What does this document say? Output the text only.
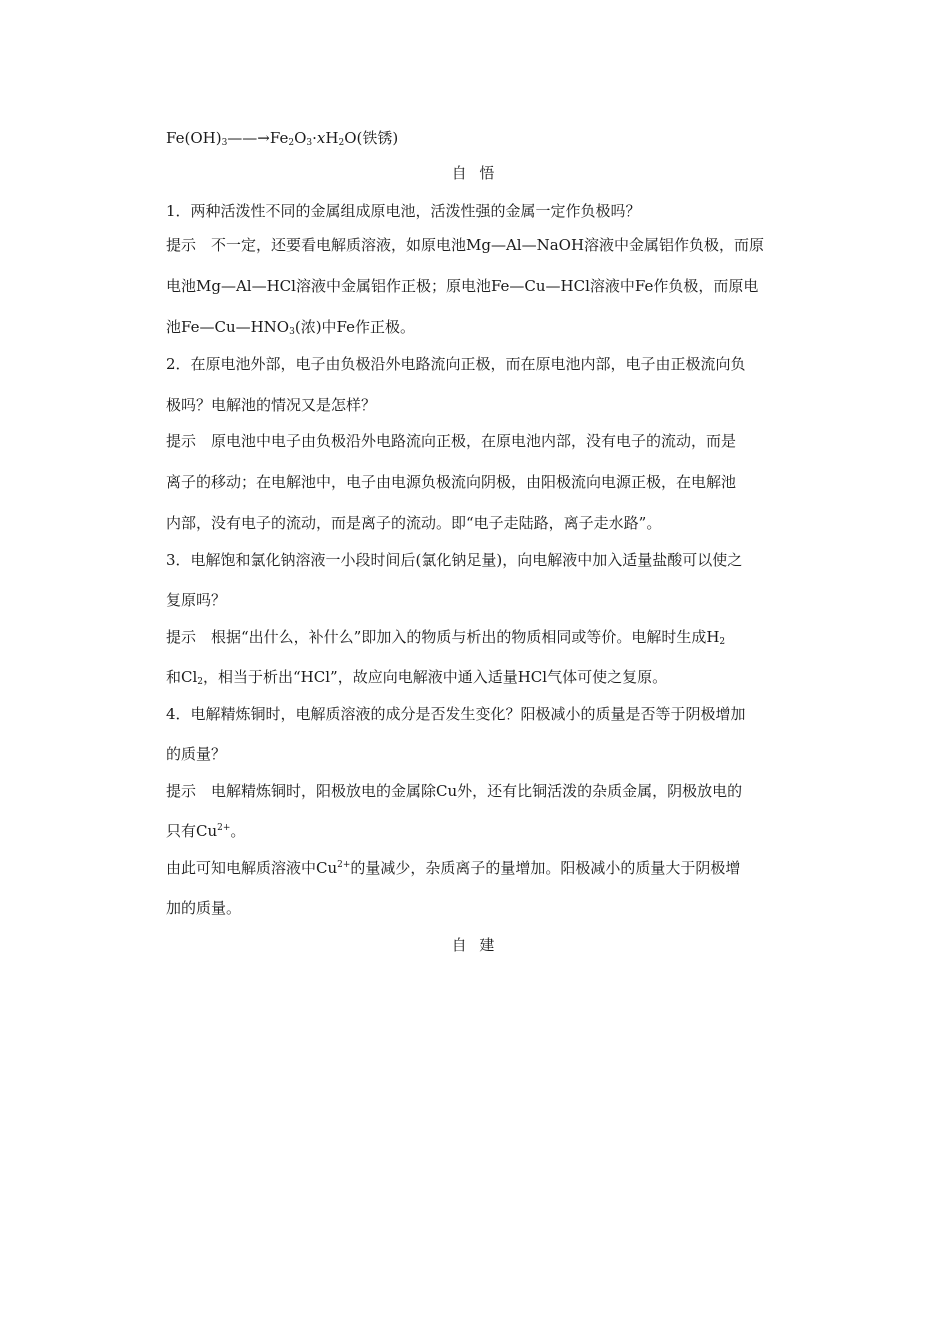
$Fe(OH)_3——\to Fe_2O_3\cdot xH_2O$(铁锈)
自 悟
1．两种活泼性不同的金属组成原电池，活泼性强的金属一定作负极吗？
提示　不一定，还要看电解质溶液，如原电池Mg—Al—NaOH溶液中金属铝作负极，而原
电池Mg—Al—HCl溶液中金属铝作正极；原电池Fe—Cu—HCl溶液中Fe作负极，而原电
池$Fe—Cu—HNO_3$(浓)中Fe作正极。
2．在原电池外部，电子由负极沿外电路流向正极，而在原电池内部，电子由正极流向负
极吗？电解池的情况又是怎样？
提示　原电池中电子由负极沿外电路流向正极，在原电池内部，没有电子的流动，而是
离子的移动；在电解池中，电子由电源负极流向阴极，由阳极流向电源正极，在电解池
内部，没有电子的流动，而是离子的流动。即“电子走陆路，离子走水路”。
3．电解饱和氯化钠溶液一小段时间后(氯化钠足量)，向电解液中加入适量盐酸可以使之
复原吗？
提示　根据“出什么，补什么”即加入的物质与析出的物质相同或等价。电解时生成$H_2$
和$Cl_2$，相当于析出“HCl”，故应向电解液中通入适量HCl气体可使之复原。
4．电解精炼铜时，电解质溶液的成分是否发生变化？阳极减小的质量是否等于阴极增加
的质量？
提示　电解精炼铜时，阳极放电的金属除Cu外，还有比铜活泼的杂质金属，阴极放电的
只有$Cu^{2+}$。
由此可知电解质溶液中$Cu^{2+}$的量减少，杂质离子的量增加。阳极减小的质量大于阴极增
加的质量。
自 建
